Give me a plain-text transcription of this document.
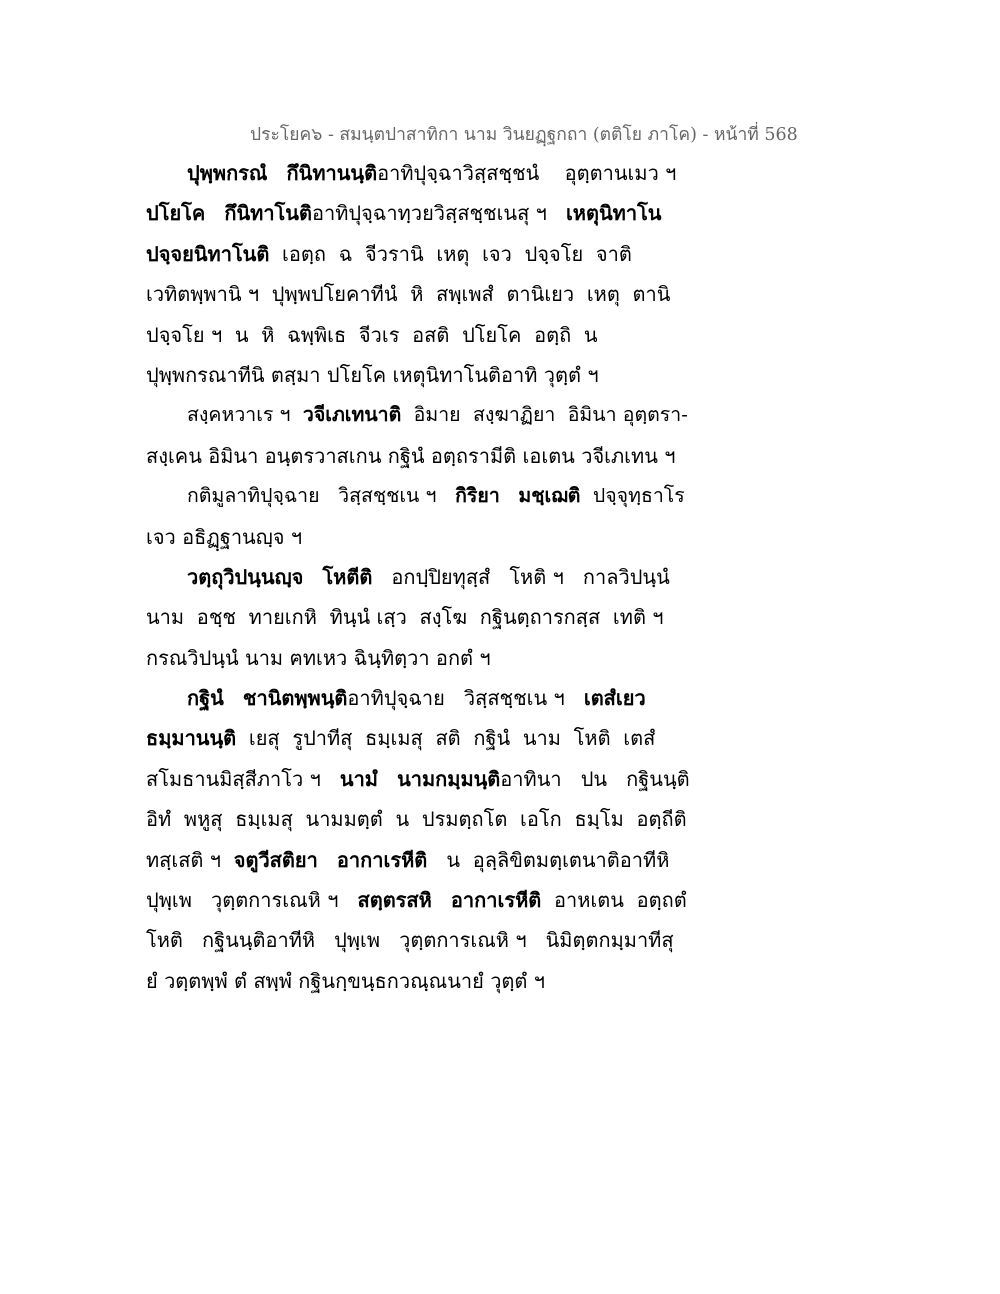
ประโยค๖ - สมนฺตปาสาทิกา นาม วินยฏฺฐกถา (ตติโย ภาโค) - หน้าที่ 568
ปุพฺพกรณํ กึนิทานนฺติอาทิปุจฺฉาวิสฺสชฺชนํ    อุตฺตานเมว ฯ
ปโยโค กึนิทาโนติอาทิปุจฺฉาทฺวยวิสฺสชฺชเนสุ ฯ   เหตุนิทาโน
ปจฺจยนิทาโนติ  เอตฺถ  ฉ  จีวรานิ  เหตุ  เจว  ปจฺจโย  จาติ
เวทิตพฺพานิ ฯ  ปุพฺพปโยคาทีนํ  หิ  สพฺเพสํ  ตานิเยว  เหตุ  ตานิ
ปจฺจโย ฯ  น  หิ  ฉพฺพิเธ  จีวเร  อสติ  ปโยโค  อตฺถิ  น
ปุพฺพกรณาทีนิ ตสฺมา ปโยโค เหตุนิทาโนติอาทิ วุตฺตํ ฯ
สงฺคหวาเร ฯ  วจีเภเทนาติ  อิมาย  สงฺฆาฏิยา  อิมินา อุตฺตรา-
สงฺเคน อิมินา อนฺตรวาสเกน กฐินํ อตฺถรามีติ เอเตน วจีเภเทน ฯ
กติมูลาทิปุจฺฉาย   วิสฺสชฺชเน ฯ   กิริยา มชฺเฌติ  ปจฺจุทฺธาโร
เจว อธิฏฺฐานญฺจ ฯ
วตฺถุวิปนฺนญฺจ โหตีติ   อกปฺปิยทุสฺสํ   โหติ ฯ   กาลวิปนฺนํ
นาม  อชฺช  ทายเกหิ  ทินฺนํ เสฺว  สงฺโฆ  กฐินตฺถารกสฺส  เทติ ฯ
กรณวิปนฺนํ นาม ฅทเหว ฉินฺทิตฺวา อกตํ ฯ
กฐินํ ชานิตพฺพนฺติอาทิปุจฺฉาย   วิสฺสชฺชเน ฯ   เตสํเยว
ธมฺมานนฺติ  เยสุ  รูปาทีสุ  ธมฺเมสุ  สติ  กฐินํ  นาม  โหติ  เตสํ
สโมธานมิสฺสีภาโว ฯ   นามํ นามกมฺมนฺติอาทินา   ปน   กฐินนฺติ
อิทํ  พหูสุ  ธมฺเมสุ  นามมตฺตํ  น  ปรมตฺถโต  เอโก  ธมฺโม  อตฺถีติ
ทสฺเสติ ฯ  จตูวีสติยา อากาเรหีติ   น  อุลฺลิขิตมตฺเตนาติอาทีหิ
ปุพฺเพ   วุตฺตการเณหิ ฯ   สตฺตรสหิ อากาเรหีติ  อาหเตน  อตฺถตํ
โหติ   กฐินนฺติอาทีหิ   ปุพฺเพ   วุตฺตการเณหิ ฯ   นิมิตฺตกมฺมาทีสุ
ยํ วตฺตพฺพํ ตํ สพฺพํ กฐินกฺขนฺธกวณฺณนายํ วุตฺตํ ฯ
